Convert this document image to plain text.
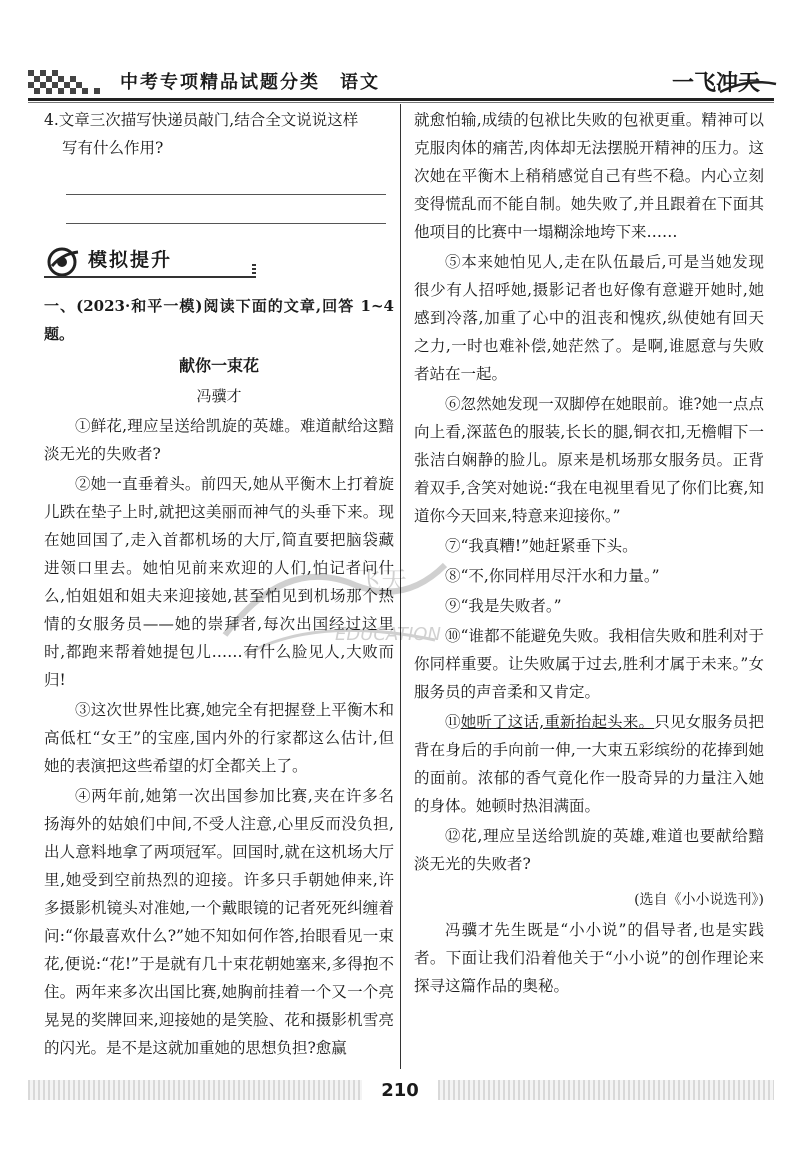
中考专项精品试题分类　语文	一飞冲天
飞天
EDUCATION

4.文章三次描写快递员敲门,结合全文说说这样
写有什么作用?

模拟提升

一、(2023·和平一模)阅读下面的文章,回答 1~4 题。

献你一束花

冯骥才

①鲜花,理应呈送给凯旋的英雄。难道献给这黯淡无光的失败者?

②她一直垂着头。前四天,她从平衡木上打着旋儿跌在垫子上时,就把这美丽而神气的头垂下来。现在她回国了,走入首都机场的大厅,简直要把脑袋藏进领口里去。她怕见前来欢迎的人们,怕记者问什么,怕姐姐和姐夫来迎接她,甚至怕见到机场那个热情的女服务员——她的崇拜者,每次出国经过这里时,都跑来帮着她提包儿……有什么脸见人,大败而归!

③这次世界性比赛,她完全有把握登上平衡木和高低杠“女王”的宝座,国内外的行家都这么估计,但她的表演把这些希望的灯全都关上了。

④两年前,她第一次出国参加比赛,夹在许多名扬海外的姑娘们中间,不受人注意,心里反而没负担,出人意料地拿了两项冠军。回国时,就在这机场大厅里,她受到空前热烈的迎接。许多只手朝她伸来,许多摄影机镜头对准她,一个戴眼镜的记者死死纠缠着问:“你最喜欢什么?”她不知如何作答,抬眼看见一束花,便说:“花!”于是就有几十束花朝她塞来,多得抱不住。两年来多次出国比赛,她胸前挂着一个又一个亮晃晃的奖牌回来,迎接她的是笑脸、花和摄影机雪亮的闪光。是不是这就加重她的思想负担?愈赢

就愈怕输,成绩的包袱比失败的包袱更重。精神可以克服肉体的痛苦,肉体却无法摆脱开精神的压力。这次她在平衡木上稍稍感觉自己有些不稳。内心立刻变得慌乱而不能自制。她失败了,并且跟着在下面其他项目的比赛中一塌糊涂地垮下来……

⑤本来她怕见人,走在队伍最后,可是当她发现很少有人招呼她,摄影记者也好像有意避开她时,她感到冷落,加重了心中的沮丧和愧疚,纵使她有回天之力,一时也难补偿,她茫然了。是啊,谁愿意与失败者站在一起。

⑥忽然她发现一双脚停在她眼前。谁?她一点点向上看,深蓝色的服装,长长的腿,铜衣扣,无檐帽下一张洁白娴静的脸儿。原来是机场那女服务员。正背着双手,含笑对她说:“我在电视里看见了你们比赛,知道你今天回来,特意来迎接你。”

⑦“我真糟!”她赶紧垂下头。

⑧“不,你同样用尽汗水和力量。”

⑨“我是失败者。”

⑩“谁都不能避免失败。我相信失败和胜利对于你同样重要。让失败属于过去,胜利才属于未来。”女服务员的声音柔和又肯定。

⑪她听了这话,重新抬起头来。只见女服务员把背在身后的手向前一伸,一大束五彩缤纷的花捧到她的面前。浓郁的香气竟化作一股奇异的力量注入她的身体。她顿时热泪满面。

⑫花,理应呈送给凯旋的英雄,难道也要献给黯淡无光的失败者?

(选自《小小说选刊》)

冯骥才先生既是“小小说”的倡导者,也是实践者。下面让我们沿着他关于“小小说”的创作理论来探寻这篇作品的奥秘。

210
